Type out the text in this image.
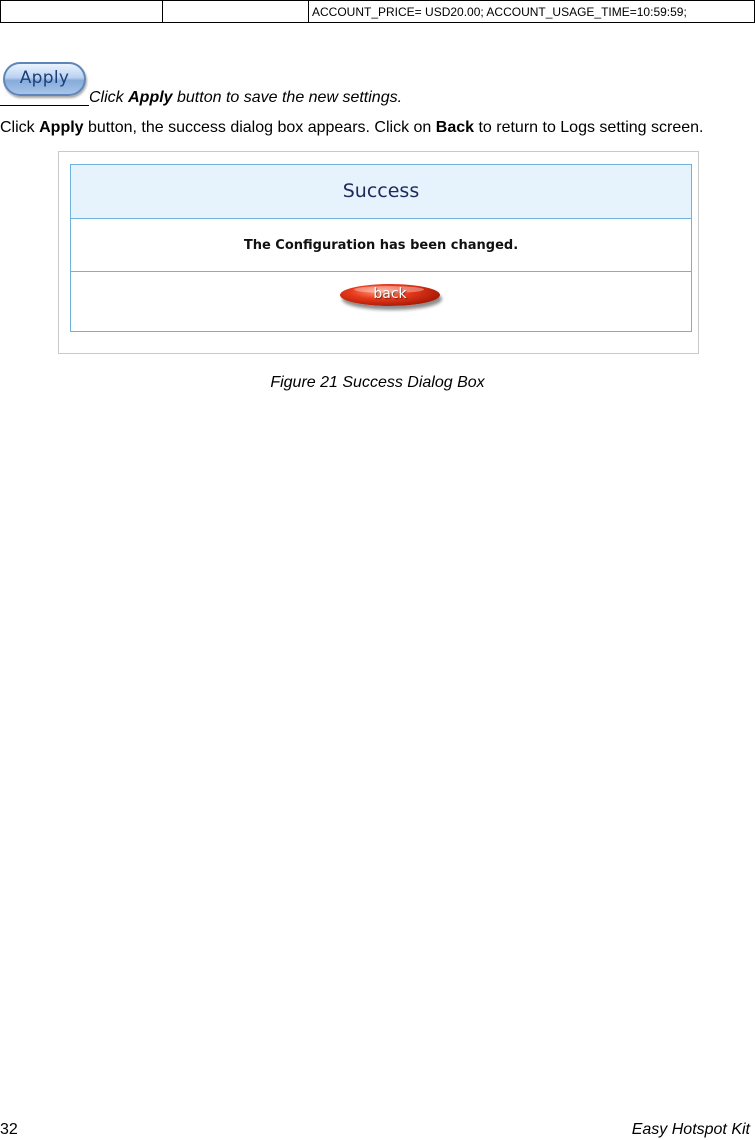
		ACCOUNT_PRICE= USD20.00; ACCOUNT_USAGE_TIME=10:59:59;
Apply
Click Apply button to save the new settings.
Click Apply button, the success dialog box appears. Click on Back to return to Logs setting screen.
Success
The Configuration has been changed.
back
Figure 21 Success Dialog Box
32	Easy Hotspot Kit
